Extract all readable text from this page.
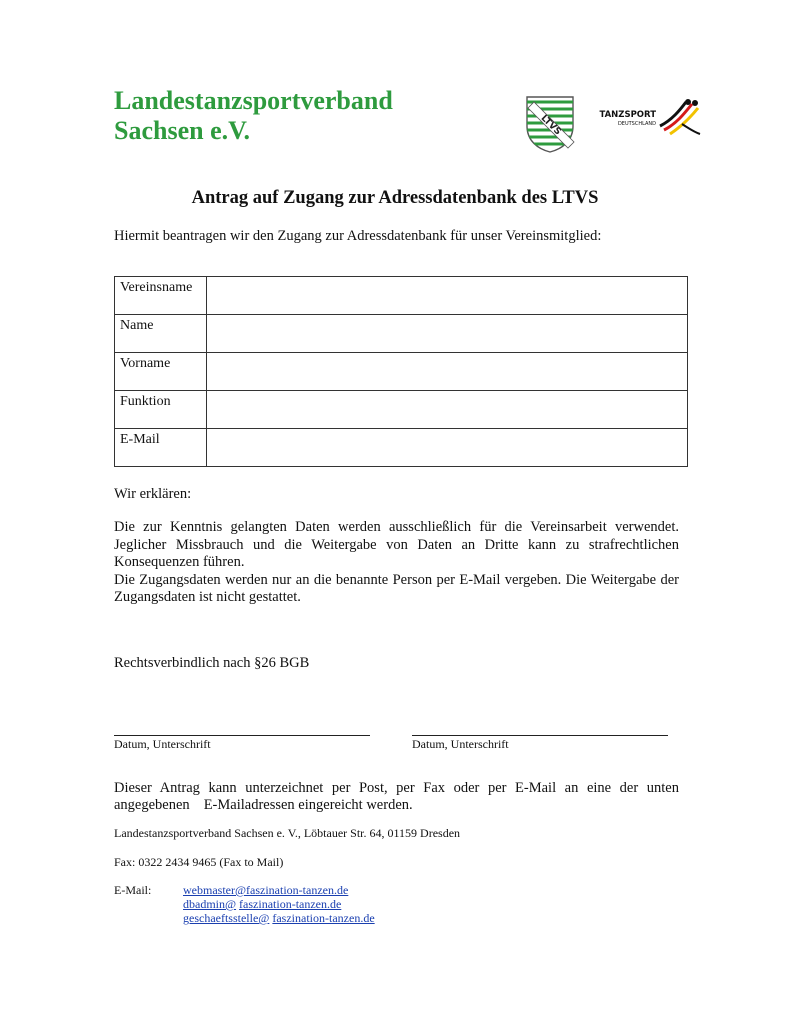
Landestanzsportverband
Sachsen e.V.	LTVS	TANZSPORT
DEUTSCHLAND
Antrag auf Zugang zur Adressdatenbank des LTVS
Hiermit beantragen wir den Zugang zur Adressdatenbank für unser Vereinsmitglied:
Vereinsname	
Name	
Vorname	
Funktion	
E-Mail	
Wir erklären:

Die zur Kenntnis gelangten Daten werden ausschließlich für die Vereinsarbeit verwendet. Jeglicher Missbrauch und die Weitergabe von Daten an Dritte kann zu strafrechtlichen Konsequenzen führen.

Die Zugangsdaten werden nur an die benannte Person per E-Mail vergeben. Die Weitergabe der Zugangsdaten ist nicht gestattet.

Rechtsverbindlich nach §26 BGB
Datum, Unterschrift	Datum, Unterschrift
Dieser Antrag kann unterzeichnet per Post, per Fax oder per E-Mail an eine der unten angegebenen E-Mailadressen eingereicht werden.
Landestanzsportverband Sachsen e. V., Löbtauer Str. 64, 01159 Dresden
Fax: 0322 2434 9465 (Fax to Mail)
E-Mail:	webmaster@faszination-tanzen.de
dbadmin@ faszination-tanzen.de
geschaeftsstelle@ faszination-tanzen.de
